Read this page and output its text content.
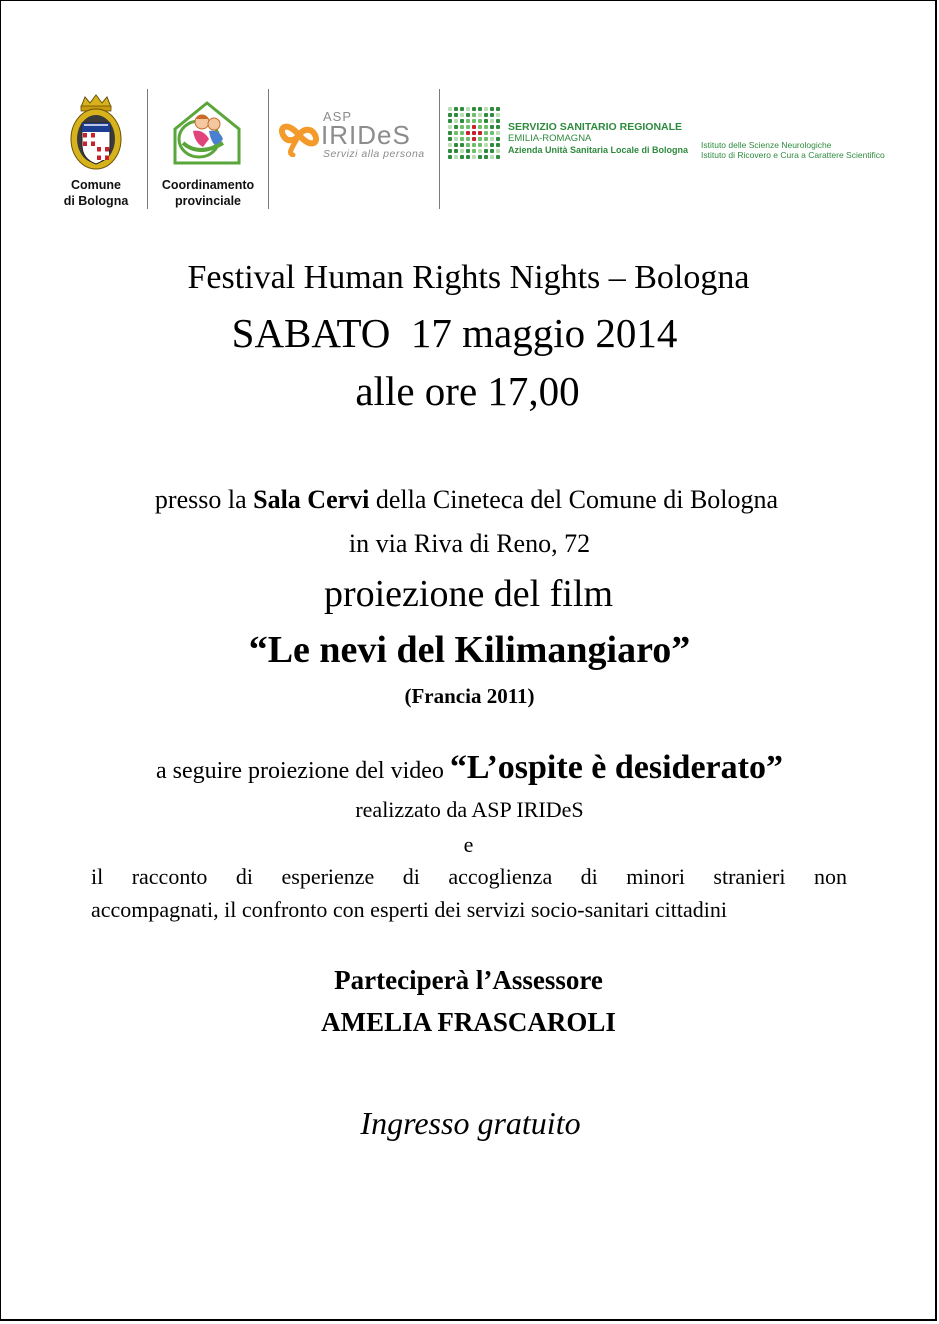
Comune
di Bologna
Coordinamento
provinciale
ASP
IRIDeS
Servizi alla persona
SERVIZIO SANITARIO REGIONALE
EMILIA-ROMAGNA
Azienda Unità Sanitaria Locale di Bologna Istituto delle Scienze Neurologiche
Istituto di Ricovero e Cura a Carattere Scientifico
Festival Human Rights Nights – Bologna
SABATO  17 maggio 2014
alle ore 17,00
presso la Sala Cervi della Cineteca del Comune di Bologna
in via Riva di Reno, 72
proiezione del film
“Le nevi del Kilimangiaro”
(Francia 2011)
a seguire proiezione del video “L’ospite è desiderato”
realizzato da ASP IRIDeS
e
il racconto di esperienze di accoglienza di minori stranieri non
accompagnati, il confronto con esperti dei servizi socio-sanitari cittadini
Parteciperà l’Assessore
AMELIA FRASCAROLI
Ingresso gratuito
